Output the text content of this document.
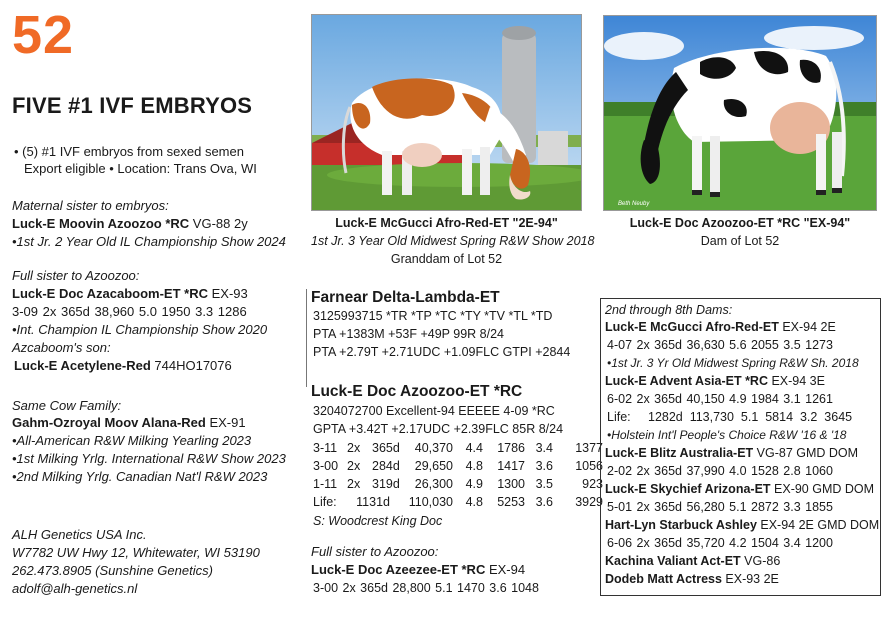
52
FIVE #1 IVF EMBRYOS
• (5) #1 IVF embryos from sexed semen
Export eligible • Location: Trans Ova, WI
Maternal sister to embryos:
Luck-E Moovin Azoozoo *RC VG-88 2y
•1st Jr. 2 Year Old IL Championship Show 2024
Full sister to Azoozoo:
Luck-E Doc Azacaboom-ET *RC EX-93
3-09 2x 365d 38,960 5.0 1950 3.3 1286
•Int. Champion IL Championship Show 2020
Azcaboom's son:
Luck-E Acetylene-Red 744HO17076
Same Cow Family:
Gahm-Ozroyal Moov Alana-Red EX-91
•All-American R&W Milking Yearling 2023
•1st Milking Yrlg. International R&W Show 2023
•2nd Milking Yrlg. Canadian Nat'l R&W 2023
ALH Genetics USA Inc.
W7782 UW Hwy 12, Whitewater, WI 53190
262.473.8905 (Sunshine Genetics)
adolf@alh-genetics.nl
Luck-E McGucci Afro-Red-ET "2E-94"
1st Jr. 3 Year Old Midwest Spring R&W Show 2018
Granddam of Lot 52
Beth Neuby
Luck-E Doc Azoozoo-ET *RC "EX-94"
Dam of Lot 52
Farnear Delta-Lambda-ET
3125993715 *TR *TP *TC *TY *TV *TL *TD
PTA +1383M +53F +49P 99R 8/24
PTA +2.79T +2.71UDC +1.09FLC GTPI +2844
Luck-E Doc Azoozoo-ET *RC
3204072700 Excellent-94 EEEEE 4-09 *RC
GPTA +3.42T +2.17UDC +2.39FLC 85R 8/24
3-11 2x 365d	40,370 4.4 1786 3.4	1377
3-00 2x 284d	29,650 4.8 1417 3.6	1056
1-11 2x 319d	26,300 4.9 1300 3.5	923
Life: 1131d	110,030 4.8 5253 3.6	3929
S: Woodcrest King Doc
Full sister to Azoozoo:
Luck-E Doc Azeezee-ET *RC EX-94
3-00 2x 365d 28,800 5.1 1470 3.6 1048
2nd through 8th Dams:
Luck-E McGucci Afro-Red-ET EX-94 2E
4-07 2x 365d 36,630 5.6 2055 3.5 1273
•1st Jr. 3 Yr Old Midwest Spring R&W Sh. 2018
Luck-E Advent Asia-ET *RC EX-94 3E
6-02 2x 365d 40,150 4.9 1984 3.1 1261
Life:     1282d  113,730  5.1  5814  3.2  3645
•Holstein Int'l People's Choice R&W '16 & '18
Luck-E Blitz Australia-ET VG-87 GMD DOM
2-02 2x 365d 37,990 4.0 1528 2.8 1060
Luck-E Skychief Arizona-ET EX-90 GMD DOM
5-01 2x 365d 56,280 5.1 2872 3.3 1855
Hart-Lyn Starbuck Ashley EX-94 2E GMD DOM
6-06 2x 365d 35,720 4.2 1504 3.4 1200
Kachina Valiant Act-ET VG-86
Dodeb Matt Actress EX-93 2E
